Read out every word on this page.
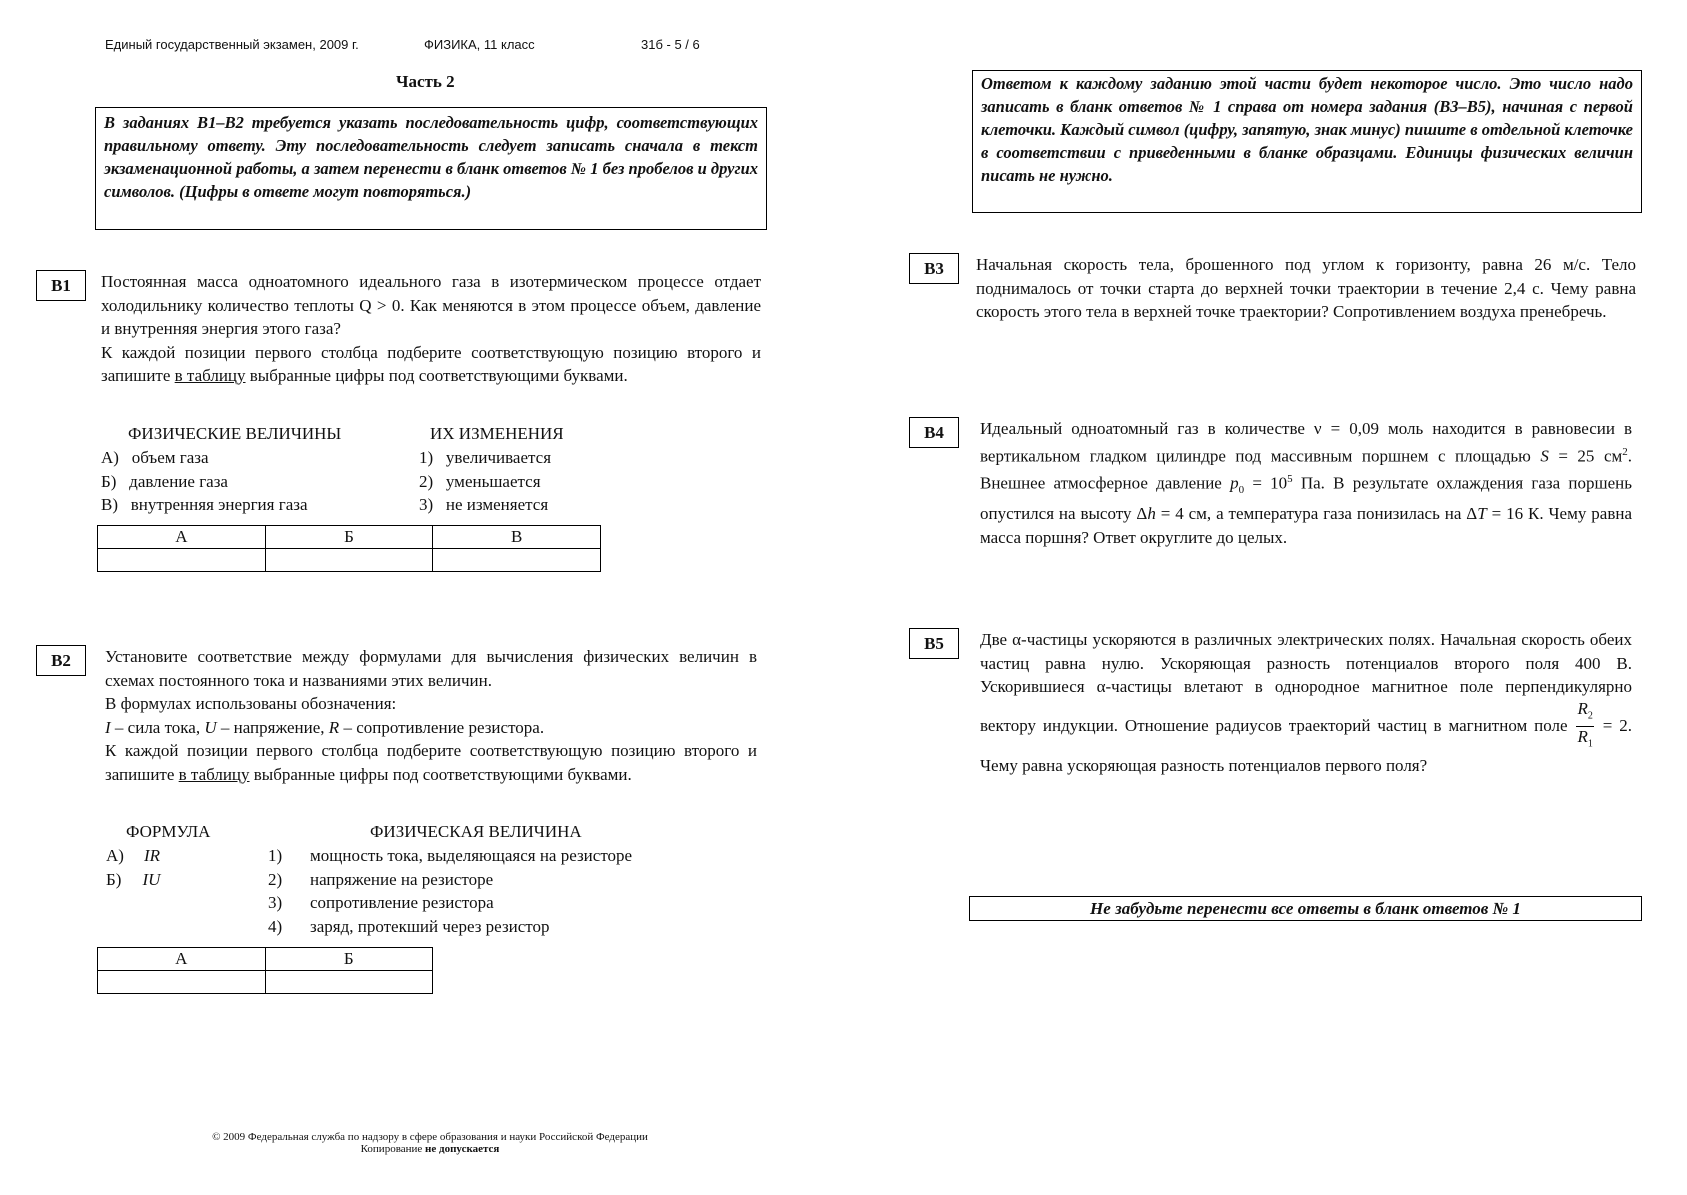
Единый государственный экзамен, 2009 г.	ФИЗИКА, 11 класс	31б - 5 / 6
Часть 2
В заданиях В1–В2 требуется указать последовательность цифр, соответствующих правильному ответу. Эту последовательность следует записать сначала в текст экзаменационной работы, а затем перенести в бланк ответов № 1 без пробелов и других символов. (Цифры в ответе могут повторяться.)
Ответом к каждому заданию этой части будет некоторое число. Это число надо записать в бланк ответов № 1 справа от номера задания (В3–В5), начиная с первой клеточки. Каждый символ (цифру, запятую, знак минус) пишите в отдельной клеточке в соответствии с приведенными в бланке образцами. Единицы физических величин писать не нужно.
B1	Постоянная масса одноатомного идеального газа в изотермическом процессе отдает холодильнику количество теплоты Q > 0. Как меняются в этом процессе объем, давление и внутренняя энергия этого газа?
К каждой позиции первого столбца подберите соответствующую позицию второго и запишите в таблицу выбранные цифры под соответствующими буквами.
ФИЗИЧЕСКИЕ ВЕЛИЧИНЫ	ИХ ИЗМЕНЕНИЯ
А)   объем газа
Б)   давление газа
В)   внутренняя энергия газа
1)   увеличивается
2)   уменьшается
3)   не изменяется
А	Б	В

B2	Установите соответствие между формулами для вычисления физических величин в схемах постоянного тока и названиями этих величин.
В формулах использованы обозначения:
I – сила тока, U – напряжение, R – сопротивление резистора.
К каждой позиции первого столбца подберите соответствующую позицию второго и запишите в таблицу выбранные цифры под соответствующими буквами.
ФОРМУЛА	ФИЗИЧЕСКАЯ ВЕЛИЧИНА
А) IR
Б) IU
1) мощность тока, выделяющаяся на резисторе
2) напряжение на резисторе
3) сопротивление резистора
4) заряд, протекший через резистор
А	Б

B3	Начальная скорость тела, брошенного под углом к горизонту, равна 26 м/с. Тело поднималось от точки старта до верхней точки траектории в течение 2,4 с. Чему равна скорость этого тела в верхней точке траектории? Сопротивлением воздуха пренебречь.
B4	Идеальный одноатомный газ в количестве ν = 0,09 моль находится в равновесии в вертикальном гладком цилиндре под массивным поршнем с площадью S = 25 $см^2$. Внешнее атмосферное давление $p_0 = 10^5$ Па. В результате охлаждения газа поршень опустился на высоту Δh = 4 см, а температура газа понизилась на ΔT = 16 К. Чему равна масса поршня? Ответ округлите до целых.
B5	Две α-частицы ускоряются в различных электрических полях. Начальная скорость обеих частиц равна нулю. Ускоряющая разность потенциалов второго поля 400 В. Ускорившиеся α-частицы влетают в однородное магнитное поле перпендикулярно вектору индукции. Отношение радиусов траекторий частиц в магнитном поле $\frac{R_2}{R_1} = 2$. Чему равна ускоряющая разность потенциалов первого поля?
Не забудьте перенести все ответы в бланк ответов № 1
© 2009 Федеральная служба по надзору в сфере образования и науки Российской Федерации
Копирование не допускается
